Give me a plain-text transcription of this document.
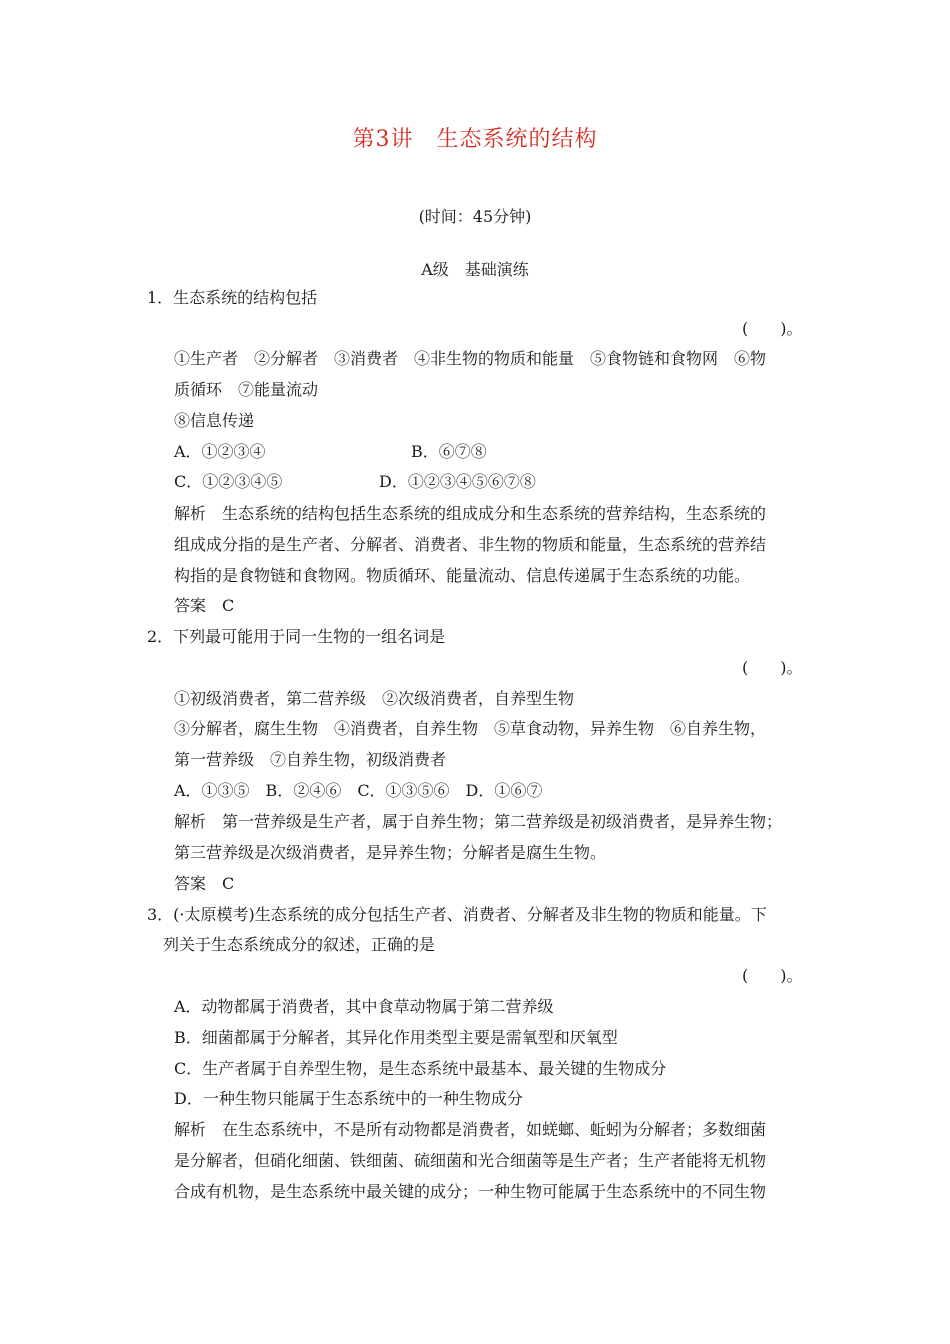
第3讲　生态系统的结构
(时间：45分钟)
A级　基础演练
1．生态系统的结构包括
(　　)。
①生产者　②分解者　③消费者　④非生物的物质和能量　⑤食物链和食物网　⑥物
质循环　⑦能量流动
⑧信息传递
A．①②③④	B．⑥⑦⑧
C．①②③④⑤	D．①②③④⑤⑥⑦⑧
解析　生态系统的结构包括生态系统的组成成分和生态系统的营养结构，生态系统的
组成成分指的是生产者、分解者、消费者、非生物的物质和能量，生态系统的营养结
构指的是食物链和食物网。物质循环、能量流动、信息传递属于生态系统的功能。
答案　C
2．下列最可能用于同一生物的一组名词是
(　　)。
①初级消费者，第二营养级　②次级消费者，自养型生物
③分解者，腐生生物　④消费者，自养生物　⑤草食动物，异养生物　⑥自养生物，
第一营养级　⑦自养生物，初级消费者
A．①③⑤　B．②④⑥　C．①③⑤⑥　D．①⑥⑦
解析　第一营养级是生产者，属于自养生物；第二营养级是初级消费者，是异养生物；
第三营养级是次级消费者，是异养生物；分解者是腐生生物。
答案　C
3．(·太原模考)生态系统的成分包括生产者、消费者、分解者及非生物的物质和能量。下
列关于生态系统成分的叙述，正确的是
(　　)。
A．动物都属于消费者，其中食草动物属于第二营养级
B．细菌都属于分解者，其异化作用类型主要是需氧型和厌氧型
C．生产者属于自养型生物，是生态系统中最基本、最关键的生物成分
D．一种生物只能属于生态系统中的一种生物成分
解析　在生态系统中，不是所有动物都是消费者，如蜣螂、蚯蚓为分解者；多数细菌
是分解者，但硝化细菌、铁细菌、硫细菌和光合细菌等是生产者；生产者能将无机物
合成有机物，是生态系统中最关键的成分；一种生物可能属于生态系统中的不同生物
